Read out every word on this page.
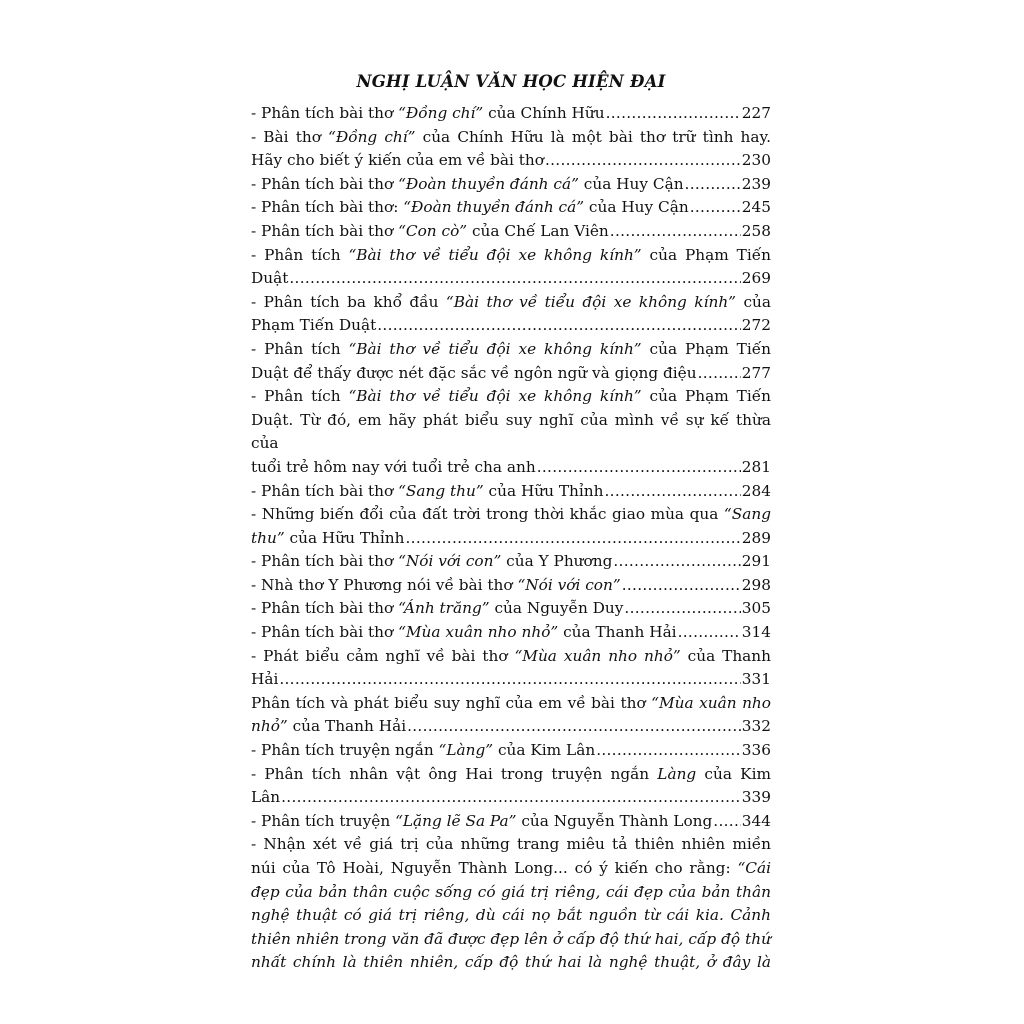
NGHỊ LUẬN VĂN HỌC HIỆN ĐẠI
- Phân tích bài thơ “Đồng chí” của Chính Hữu .....	227

- Bài thơ “Đồng chí” của Chính Hữu là một bài thơ trữ tình hay.

Hãy cho biết ý kiến của em về bài thơ .....	230
- Phân tích bài thơ “Đoàn thuyền đánh cá” của Huy Cận .....	239
- Phân tích bài thơ: “Đoàn thuyền đánh cá” của Huy Cận .....	245
- Phân tích bài thơ “Con cò” của Chế Lan Viên .....	258

- Phân tích “Bài thơ về tiểu đội xe không kính” của Phạm Tiến

Duật .....	269

- Phân tích ba khổ đầu “Bài thơ về tiểu đội xe không kính” của

Phạm Tiến Duật .....	272

- Phân tích “Bài thơ về tiểu đội xe không kính” của Phạm Tiến

Duật để thấy được nét đặc sắc về ngôn ngữ và giọng điệu .....	277

- Phân tích “Bài thơ về tiểu đội xe không kính” của Phạm Tiến

Duật. Từ đó, em hãy phát biểu suy nghĩ của mình về sự kế thừa của

tuổi trẻ hôm nay với tuổi trẻ cha anh .....	281
- Phân tích bài thơ “Sang thu” của Hữu Thỉnh .....	284

- Những biến đổi của đất trời trong thời khắc giao mùa qua “Sang

thu” của Hữu Thỉnh .....	289
- Phân tích bài thơ “Nói với con” của Y Phương .....	291
- Nhà thơ Y Phương nói về bài thơ “Nói với con” .....	298
- Phân tích bài thơ “Ánh trăng” của Nguyễn Duy .....	305
- Phân tích bài thơ “Mùa xuân nho nhỏ” của Thanh Hải .....	314

- Phát biểu cảm nghĩ về bài thơ “Mùa xuân nho nhỏ” của Thanh

Hải .....	331

Phân tích và phát biểu suy nghĩ của em về bài thơ “Mùa xuân nho

nhỏ” của Thanh Hải .....	332
- Phân tích truyện ngắn “Làng” của Kim Lân .....	336

- Phân tích nhân vật ông Hai trong truyện ngắn Làng của Kim

Lân .....	339
- Phân tích truyện “Lặng lẽ Sa Pa” của Nguyễn Thành Long ..... 344

- Nhận xét về giá trị của những trang miêu tả thiên nhiên miền

núi của Tô Hoài, Nguyễn Thành Long... có ý kiến cho rằng: “Cái

đẹp của bản thân cuộc sống có giá trị riêng, cái đẹp của bản thân

nghệ thuật có giá trị riêng, dù cái nọ bắt nguồn từ cái kia. Cảnh

thiên nhiên trong văn đã được đẹp lên ở cấp độ thứ hai, cấp độ thứ

nhất chính là thiên nhiên, cấp độ thứ hai là nghệ thuật, ở đây là
